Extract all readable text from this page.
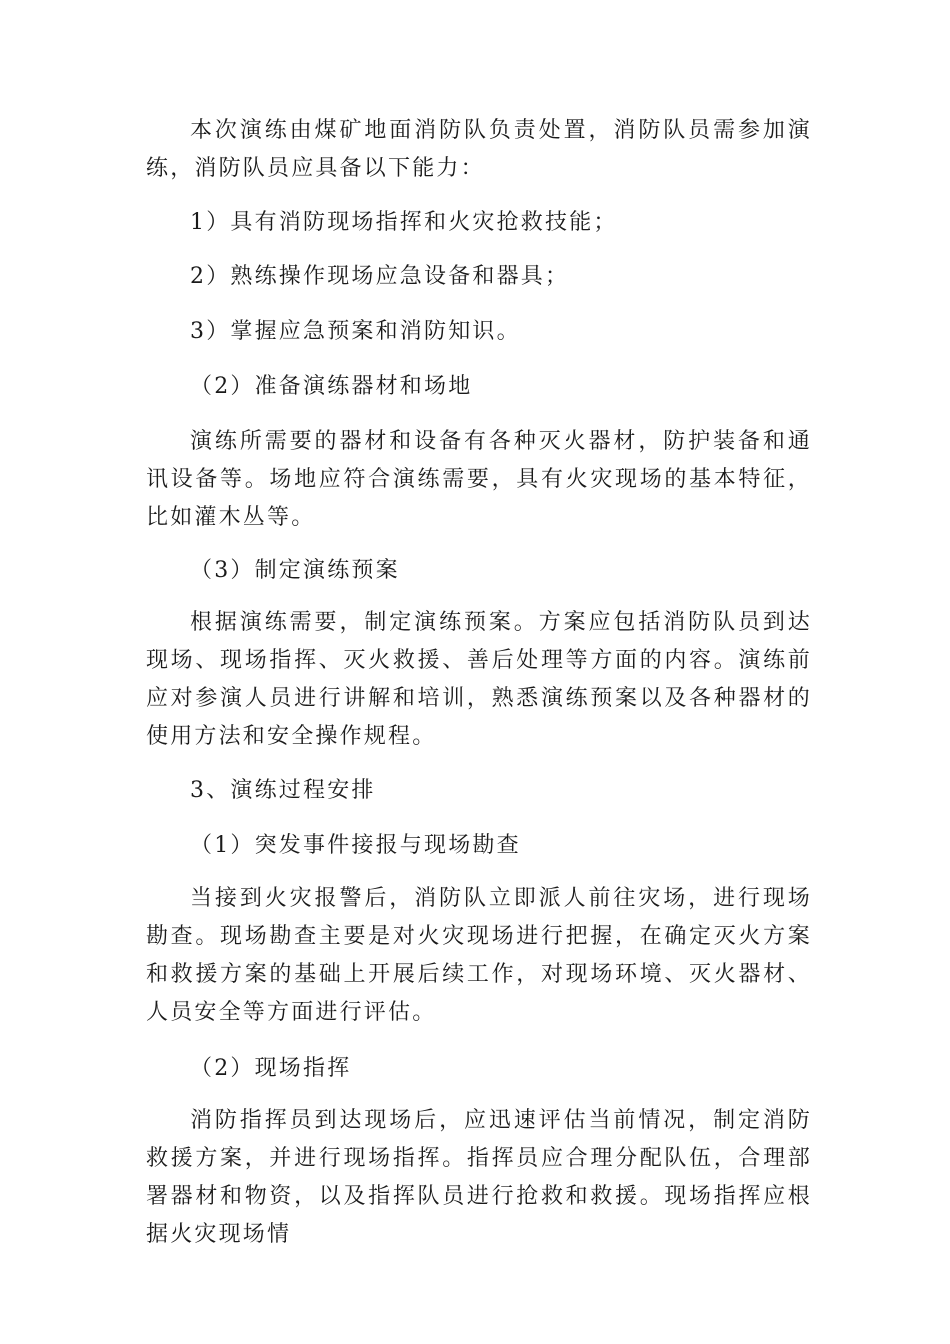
本次演练由煤矿地面消防队负责处置，消防队员需参加演练，消防队员应具备以下能力：

1）具有消防现场指挥和火灾抢救技能；

2）熟练操作现场应急设备和器具；

3）掌握应急预案和消防知识。

（2）准备演练器材和场地

演练所需要的器材和设备有各种灭火器材，防护装备和通讯设备等。场地应符合演练需要，具有火灾现场的基本特征，比如灌木丛等。

（3）制定演练预案

根据演练需要，制定演练预案。方案应包括消防队员到达现场、现场指挥、灭火救援、善后处理等方面的内容。演练前应对参演人员进行讲解和培训，熟悉演练预案以及各种器材的使用方法和安全操作规程。

3、演练过程安排

（1）突发事件接报与现场勘查

当接到火灾报警后，消防队立即派人前往灾场，进行现场勘查。现场勘查主要是对火灾现场进行把握，在确定灭火方案和救援方案的基础上开展后续工作，对现场环境、灭火器材、人员安全等方面进行评估。

（2）现场指挥

消防指挥员到达现场后，应迅速评估当前情况，制定消防救援方案，并进行现场指挥。指挥员应合理分配队伍，合理部署器材和物资，以及指挥队员进行抢救和救援。现场指挥应根据火灾现场情
